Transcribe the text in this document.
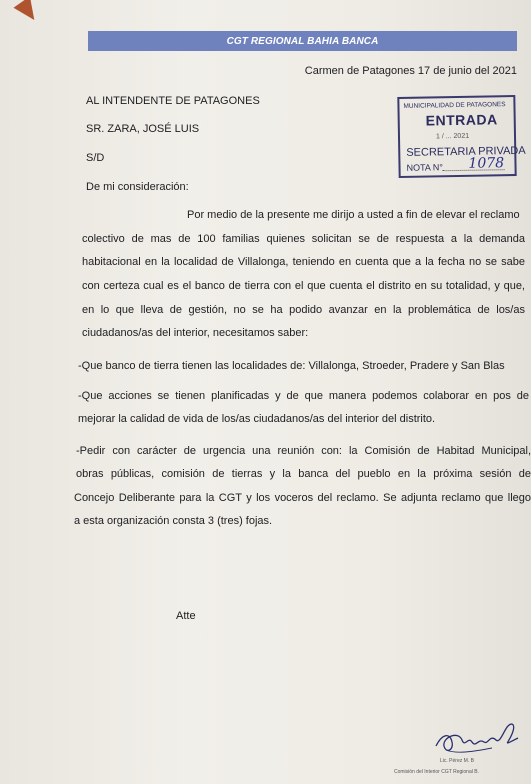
CGT REGIONAL BAHIA BANCA
Carmen de Patagones 17 de junio del 2021
AL INTENDENTE DE PATAGONES
SR. ZARA, JOSÉ LUIS
S/D
MUNICIPALIDAD DE PATAGONES
ENTRADA
1 / ... 2021
SECRETARIA PRIVADA
NOTA N° 1078
De mi consideración:
Por medio de la presente me dirijo a usted a fin de elevar el reclamo
colectivo de mas de 100 familias quienes solicitan se de respuesta a la demanda
habitacional en la localidad de Villalonga, teniendo en cuenta que a la fecha no se sabe
con certeza cual es el banco de tierra con el que cuenta el distrito en su totalidad, y que,
en lo que lleva de gestión, no se ha podido avanzar en la problemática de los/as
ciudadanos/as del interior, necesitamos saber:
-Que banco de tierra tienen las localidades de: Villalonga, Stroeder, Pradere y San Blas
-Que acciones se tienen planificadas y de que manera podemos colaborar en pos de
mejorar la calidad de vida de los/as ciudadanos/as del interior del distrito.
-Pedir con carácter de urgencia una reunión con: la Comisión de Habitad Municipal,
obras públicas, comisión de tierras y la banca del pueblo en la próxima sesión de
Concejo Deliberante para la CGT y los voceros del reclamo. Se adjunta reclamo que llego
a esta organización consta 3 (tres) fojas.
Atte
Lic. Pérez M. B
Comisión del Interior CGT Regional B.
